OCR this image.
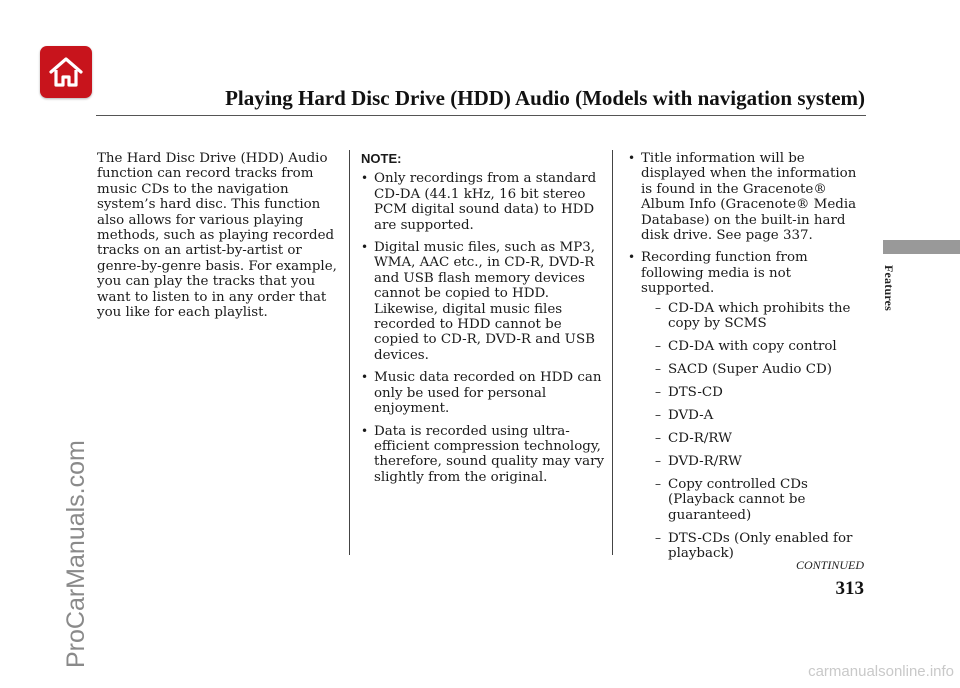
Playing Hard Disc Drive (HDD) Audio (Models with navigation system)
Features

The Hard Disc Drive (HDD) Audio function can record tracks from music CDs to the navigation system’s hard disc. This function also allows for various playing methods, such as playing recorded tracks on an artist-by-artist or genre-by-genre basis. For example, you can play the tracks that you want to listen to in any order that you like for each playlist.

NOTE:

• Only recordings from a standard CD-DA (44.1 kHz, 16 bit stereo PCM digital sound data) to HDD are supported.
• Digital music files, such as MP3, WMA, AAC etc., in CD-R, DVD-R and USB flash memory devices cannot be copied to HDD. Likewise, digital music files recorded to HDD cannot be copied to CD-R, DVD-R and USB devices.
• Music data recorded on HDD can only be used for personal enjoyment.
• Data is recorded using ultra-efficient compression technology, therefore, sound quality may vary slightly from the original.
• Title information will be displayed when the information is found in the Gracenote® Album Info (Gracenote® Media Database) on the built-in hard disk drive. See page 337.
• Recording function from following media is not supported.
– CD-DA which prohibits the copy by SCMS
– CD-DA with copy control
– SACD (Super Audio CD)
– DTS-CD
– DVD-A
– CD-R/RW
– DVD-R/RW
– Copy controlled CDs (Playback cannot be guaranteed)
– DTS-CDs (Only enabled for playback)
CONTINUED
313
ProCarManuals.com
carmanualsonline.info
